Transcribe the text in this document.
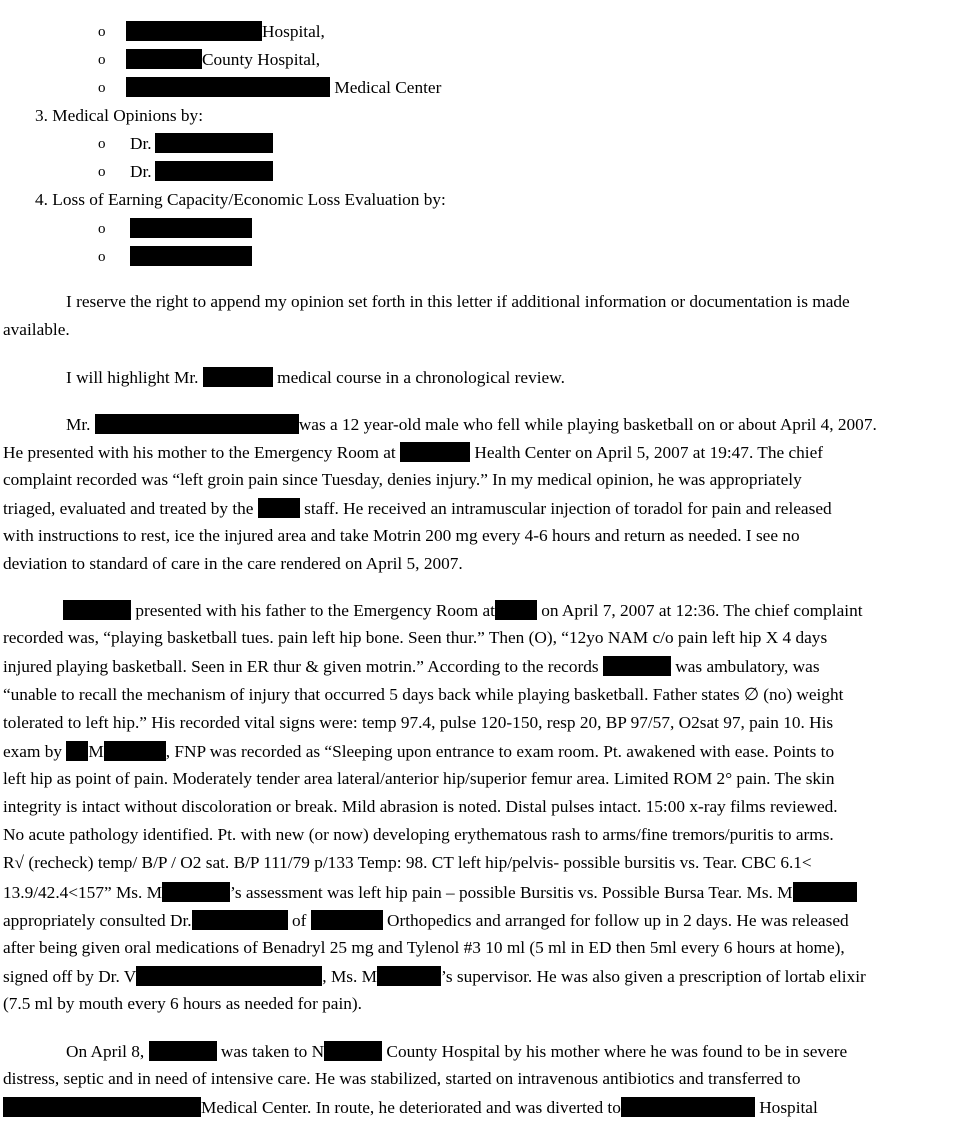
o	Hospital,
o	County Hospital,
o	Medical Center
3. Medical Opinions by:
o Dr.
o Dr.
4. Loss of Earning Capacity/Economic Loss Evaluation by:
o
o
I reserve the right to append my opinion set forth in this letter if additional information or documentation is made
available.
I will highlight Mr.	medical course in a chronological review.
Mr.	was a 12 year-old male who fell while playing basketball on or about April 4, 2007.
He presented with his mother to the Emergency Room at	Health Center on April 5, 2007 at 19:47. The chief
complaint recorded was “left groin pain since Tuesday, denies injury.” In my medical opinion, he was appropriately
triaged, evaluated and treated by the	staff. He received an intramuscular injection of toradol for pain and released
with instructions to rest, ice the injured area and take Motrin 200 mg every 4-6 hours and return as needed. I see no
deviation to standard of care in the care rendered on April 5, 2007.
presented with his father to the Emergency Room at	on April 7, 2007 at 12:36. The chief complaint
recorded was, “playing basketball tues. pain left hip bone. Seen thur.” Then (O), “12yo NAM c/o pain left hip X 4 days
injured playing basketball. Seen in ER thur & given motrin.” According to the records	was ambulatory, was
“unable to recall the mechanism of injury that occurred 5 days back while playing basketball. Father states ∅ (no) weight
tolerated to left hip.” His recorded vital signs were: temp 97.4, pulse 120-150, resp 20, BP 97/57, O2sat 97, pain 10. His
exam by M	, FNP was recorded as “Sleeping upon entrance to exam room. Pt. awakened with ease. Points to
left hip as point of pain. Moderately tender area lateral/anterior hip/superior femur area. Limited ROM 2° pain. The skin
integrity is intact without discoloration or break. Mild abrasion is noted. Distal pulses intact. 15:00 x-ray films reviewed.
No acute pathology identified. Pt. with new (or now) developing erythematous rash to arms/fine tremors/puritis to arms.
R√ (recheck) temp/ B/P / O2 sat. B/P 111/79 p/133 Temp: 98. CT left hip/pelvis- possible bursitis vs. Tear. CBC 6.1<
13.9/42.4<157” Ms. M	’s assessment was left hip pain – possible Bursitis vs. Possible Bursa Tear. Ms. M
appropriately consulted Dr.	of	Orthopedics and arranged for follow up in 2 days. He was released
after being given oral medications of Benadryl 25 mg and Tylenol #3 10 ml (5 ml in ED then 5ml every 6 hours at home),
signed off by Dr. V	, Ms. M	’s supervisor. He was also given a prescription of lortab elixir
(7.5 ml by mouth every 6 hours as needed for pain).
On April 8,	was taken to N	County Hospital by his mother where he was found to be in severe
distress, septic and in need of intensive care. He was stabilized, started on intravenous antibiotics and transferred to
Medical Center. In route, he deteriorated and was diverted to	Hospital
